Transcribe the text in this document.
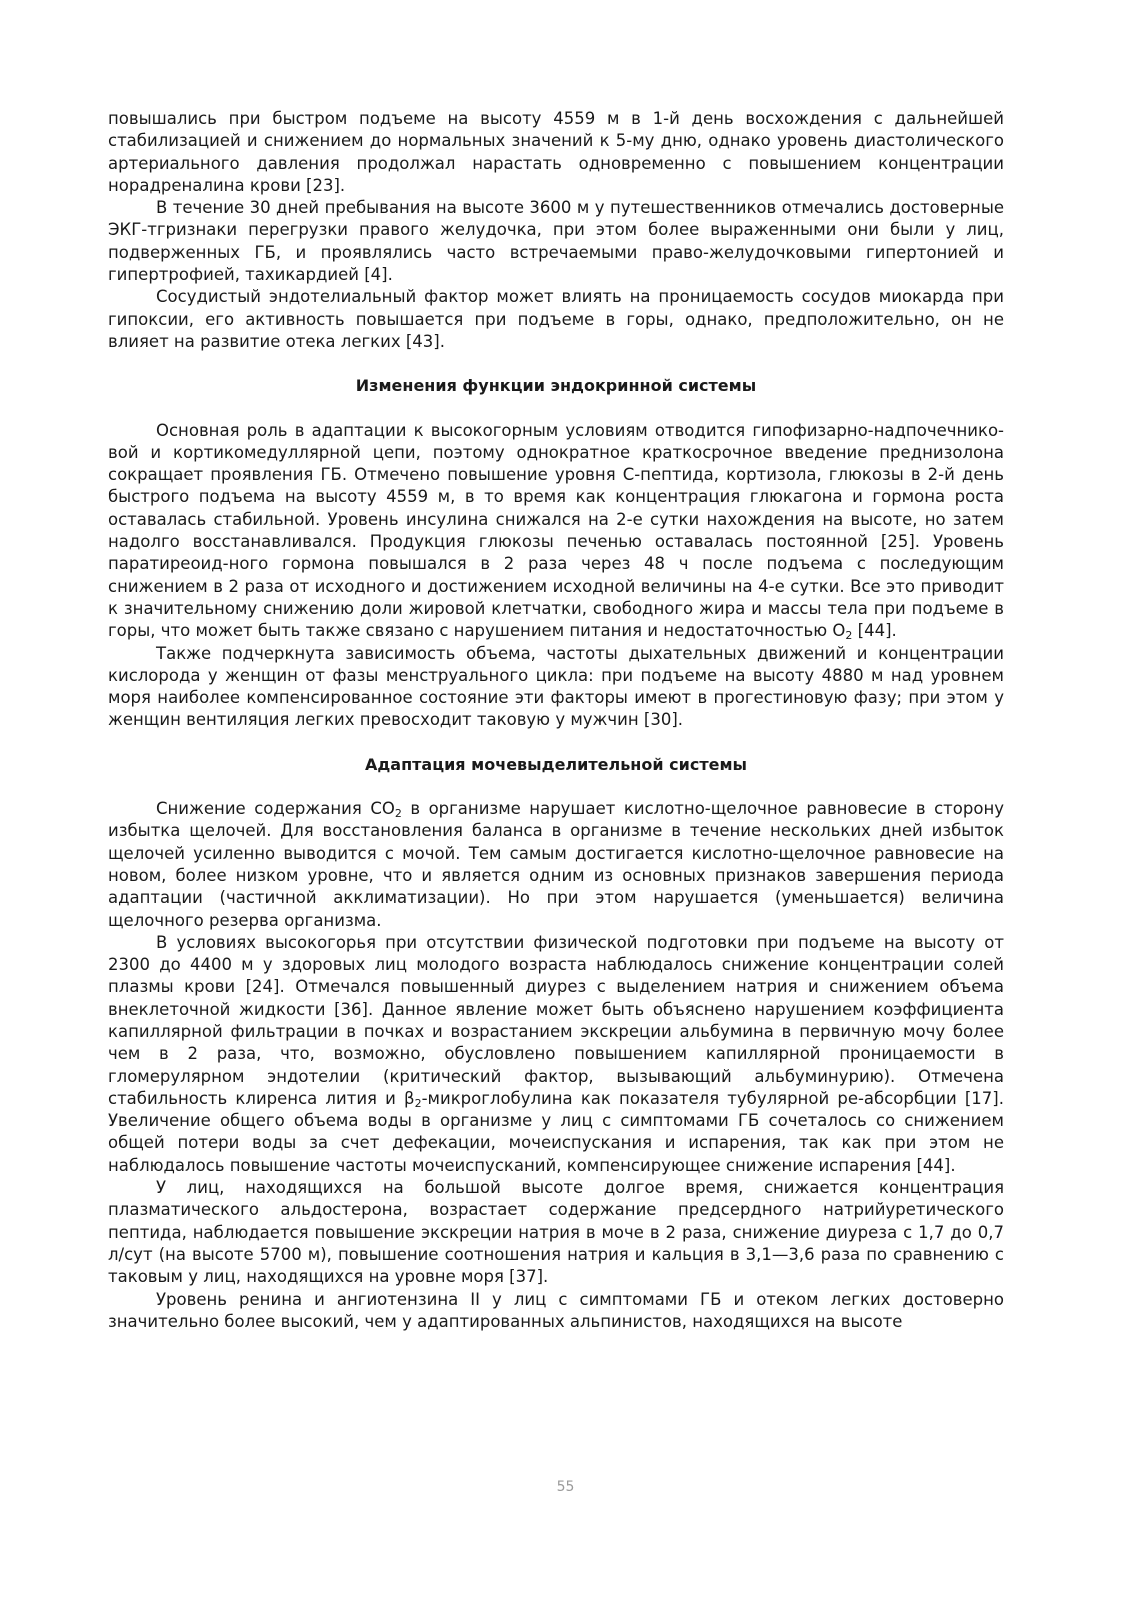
повышались при быстром подъеме на высоту 4559 м в 1-й день восхождения с дальнейшей стабилизацией и снижением до нормальных значений к 5-му дню, однако уровень диастолического артериального давления продолжал нарастать одновременно с повышением концентрации норадреналина крови [23].

В течение 30 дней пребывания на высоте 3600 м у путешественников отмечались достоверные ЭКГ-тгризнаки перегрузки правого желудочка, при этом более выраженными они были у лиц, подверженных ГБ, и проявлялись часто встречаемыми право-желудочковыми гипертонией и гипертрофией, тахикардией [4].

Сосудистый эндотелиальный фактор может влиять на проницаемость сосудов миокарда при гипоксии, его активность повышается при подъеме в горы, однако, предположительно, он не влияет на развитие отека легких [43].

Изменения функции эндокринной системы

Основная роль в адаптации к высокогорным условиям отводится гипофизарно-надпочечнико-вой и кортикомедуллярной цепи, поэтому однократное краткосрочное введение преднизолона сокращает проявления ГБ. Отмечено повышение уровня С-пептида, кортизола, глюкозы в 2-й день быстрого подъема на высоту 4559 м, в то время как концентрация глюкагона и гормона роста оставалась стабильной. Уровень инсулина снижался на 2-е сутки нахождения на высоте, но затем надолго восстанавливался. Продукция глюкозы печенью оставалась постоянной [25]. Уровень паратиреоид-ного гормона повышался в 2 раза через 48 ч после подъема с последующим снижением в 2 раза от исходного и достижением исходной величины на 4-е сутки. Все это приводит к значительному снижению доли жировой клетчатки, свободного жира и массы тела при подъеме в горы, что может быть также связано с нарушением питания и недостаточностью $O_2$ [44].

Также подчеркнута зависимость объема, частоты дыхательных движений и концентрации кислорода у женщин от фазы менструального цикла: при подъеме на высоту 4880 м над уровнем моря наиболее компенсированное состояние эти факторы имеют в прогестиновую фазу; при этом у женщин вентиляция легких превосходит таковую у мужчин [30].

Адаптация мочевыделительной системы

Снижение содержания $CO_2$ в организме нарушает кислотно-щелочное равновесие в сторону избытка щелочей. Для восстановления баланса в организме в течение нескольких дней избыток щелочей усиленно выводится с мочой. Тем самым достигается кислотно-щелочное равновесие на новом, более низком уровне, что и является одним из основных признаков завершения периода адаптации (частичной акклиматизации). Но при этом нарушается (уменьшается) величина щелочного резерва организма.

В условиях высокогорья при отсутствии физической подготовки при подъеме на высоту от 2300 до 4400 м у здоровых лиц молодого возраста наблюдалось снижение концентрации солей плазмы крови [24]. Отмечался повышенный диурез с выделением натрия и снижением объема внеклеточной жидкости [36]. Данное явление может быть объяснено нарушением коэффициента капиллярной фильтрации в почках и возрастанием экскреции альбумина в первичную мочу более чем в 2 раза, что, возможно, обусловлено повышением капиллярной проницаемости в гломерулярном эндотелии (критический фактор, вызывающий альбуминурию). Отмечена стабильность клиренса лития и $\beta_2$-микроглобулина как показателя тубулярной ре-абсорбции [17]. Увеличение общего объема воды в организме у лиц с симптомами ГБ сочеталось со снижением общей потери воды за счет дефекации, мочеиспускания и испарения, так как при этом не наблюдалось повышение частоты мочеиспусканий, компенсирующее снижение испарения [44].

У лиц, находящихся на большой высоте долгое время, снижается концентрация плазматического альдостерона, возрастает содержание предсердного натрийуретического пептида, наблюдается повышение экскреции натрия в моче в 2 раза, снижение диуреза с 1,7 до 0,7 л/сут (на высоте 5700 м), повышение соотношения натрия и кальция в 3,1—3,6 раза по сравнению с таковым у лиц, находящихся на уровне моря [37].

Уровень ренина и ангиотензина II у лиц с симптомами ГБ и отеком легких достоверно значительно более высокий, чем у адаптированных альпинистов, находящихся на высоте

55
